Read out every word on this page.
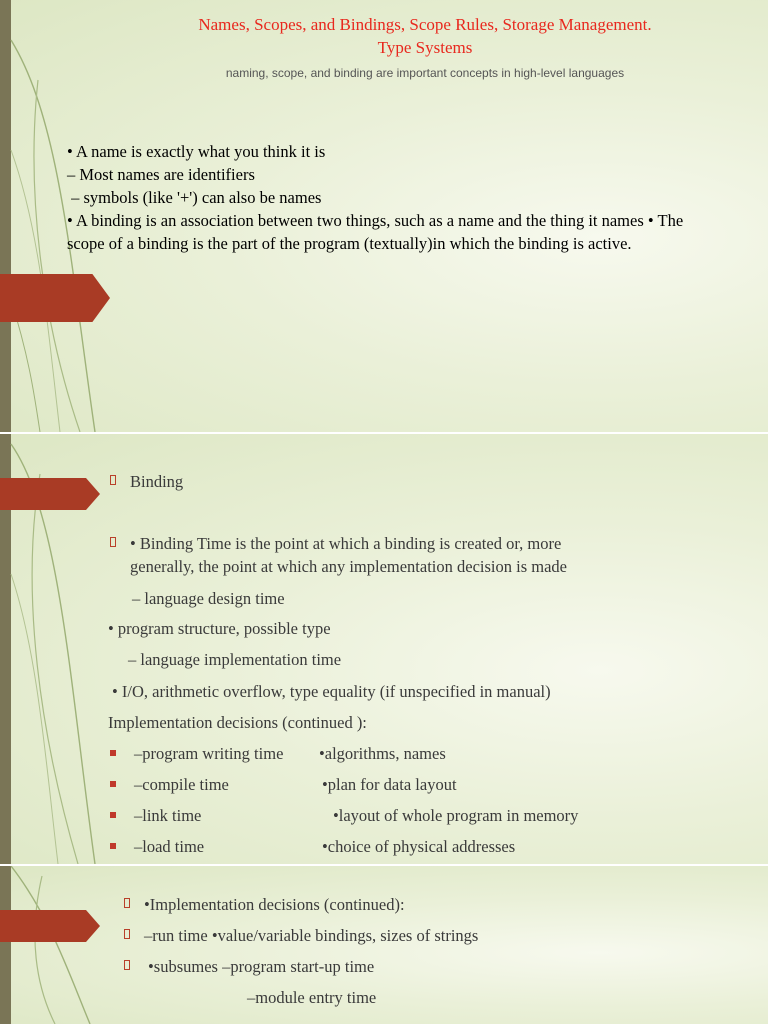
Names, Scopes, and Bindings, Scope Rules, Storage Management.
Type Systems
naming, scope, and binding are important concepts in high-level languages
• A name is exactly what you think it is
– Most names are identifiers
– symbols (like '+') can also be names
• A binding is an association between two things, such as a name and the thing it names • The scope of a binding is the part of the program (textually)in which the binding is active.
Binding
• Binding Time is the point at which a binding is created or, more
generally, the point at which any implementation decision is made
– language design time
• program structure, possible type
– language implementation time
• I/O, arithmetic overflow, type equality (if unspecified in manual)
Implementation decisions (continued ):
–program writing time •algorithms, names
–compile time	•plan for data layout
–link time	•layout of whole program in memory
–load time	•choice of physical addresses
•Implementation decisions (continued):
–run time •value/variable bindings, sizes of strings
•subsumes –program start-up time
–module entry time
